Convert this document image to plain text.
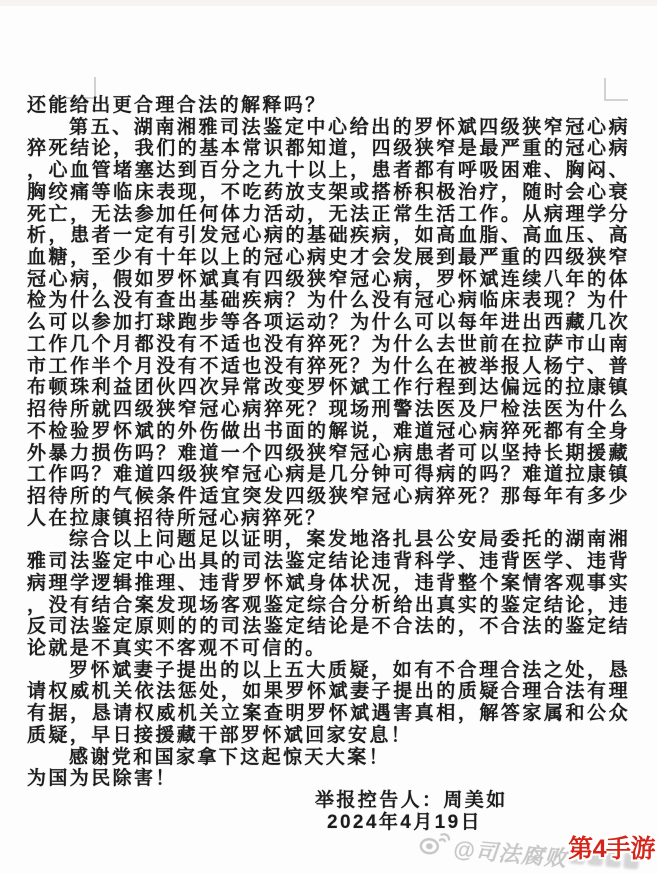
还能给出更合理合法的解释吗？
第五、湖南湘雅司法鉴定中心给出的罗怀斌四级狭窄冠心病
猝死结论，我们的基本常识都知道，四级狭窄是最严重的冠心病
，心血管堵塞达到百分之九十以上，患者都有呼吸困难、胸闷、
胸绞痛等临床表现，不吃药放支架或搭桥积极治疗，随时会心衰
死亡，无法参加任何体力活动，无法正常生活工作。从病理学分
析，患者一定有引发冠心病的基础疾病，如高血脂、高血压、高
血糖，至少有十年以上的冠心病史才会发展到最严重的四级狭窄
冠心病，假如罗怀斌真有四级狭窄冠心病，罗怀斌连续八年的体
检为什么没有查出基础疾病？为什么没有冠心病临床表现？为什
么可以参加打球跑步等各项运动？为什么可以每年进出西藏几次
工作几个月都没有不适也没有猝死？为什么去世前在拉萨市山南
市工作半个月没有不适也没有猝死？为什么在被举报人杨宁、普
布顿珠利益团伙四次异常改变罗怀斌工作行程到达偏远的拉康镇
招待所就四级狭窄冠心病猝死？现场刑警法医及尸检法医为什么
不检验罗怀斌的外伤做出书面的解说，难道冠心病猝死都有全身
外暴力损伤吗？难道一个四级狭窄冠心病患者可以坚持长期援藏
工作吗？难道四级狭窄冠心病是几分钟可得病的吗？难道拉康镇
招待所的气候条件适宜突发四级狭窄冠心病猝死？那每年有多少
人在拉康镇招待所冠心病猝死？
综合以上问题足以证明，案发地洛扎县公安局委托的湖南湘
雅司法鉴定中心出具的司法鉴定结论违背科学、违背医学、违背
病理学逻辑推理、违背罗怀斌身体状况，违背整个案情客观事实
，没有结合案发现场客观鉴定综合分析给出真实的鉴定结论，违
反司法鉴定原则的的司法鉴定结论是不合法的，不合法的鉴定结
论就是不真实不客观不可信的。
罗怀斌妻子提出的以上五大质疑，如有不合理合法之处，恳
请权威机关依法惩处，如果罗怀斌妻子提出的质疑合理合法有理
有据，恳请权威机关立案查明罗怀斌遇害真相，解答家属和公众
质疑，早日接援藏干部罗怀斌回家安息！
感谢党和国家拿下这起惊天大案！
为国为民除害！
举报控告人：周美如
2024年4月19日
@司法腐败 第4手游
